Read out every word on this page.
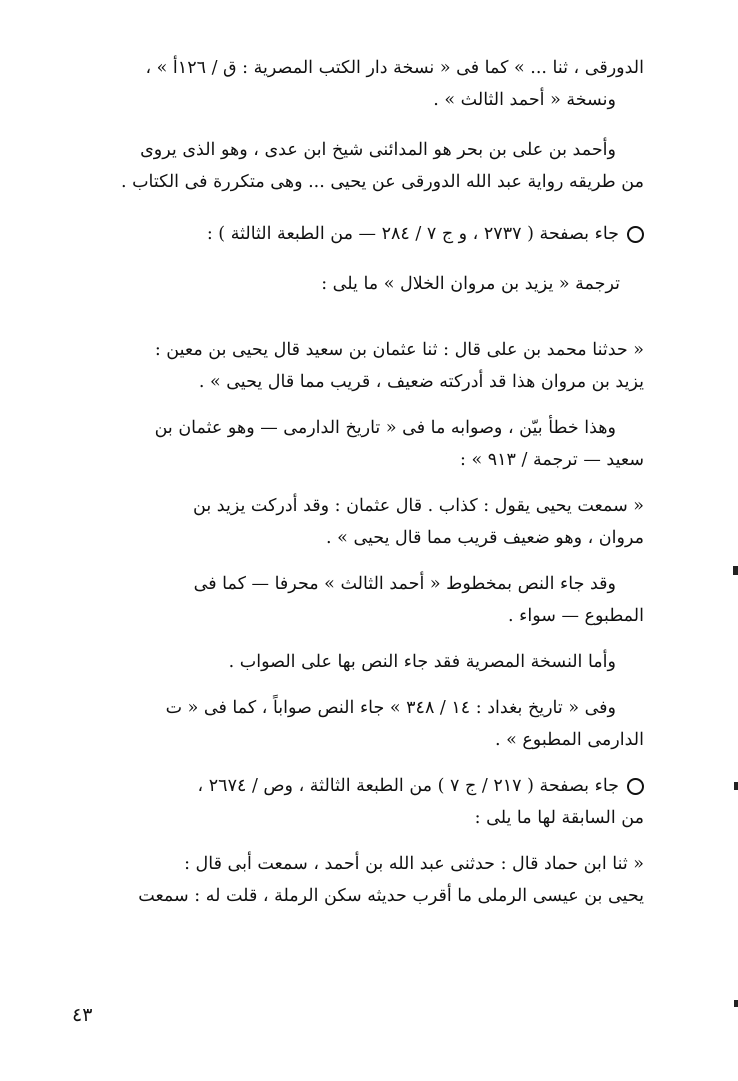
الدورقى ، ثنا ... » كما فى « نسخة دار الكتب المصرية : ق / ١٢٦أ » ،

ونسخة « أحمد الثالث » .

وأحمد بن على بن بحر هو المدائنى شيخ ابن عدى ، وهو الذى يروى

من طريقه رواية عبد الله الدورقى عن يحيى ... وهى متكررة فى الكتاب .

جاء بصفحة ( ٢٧٣٧ ، و ج ٧ / ٢٨٤ — من الطبعة الثالثة ) :

ترجمة « يزيد بن مروان الخلال » ما يلى :

« حدثنا محمد بن على قال : ثنا عثمان بن سعيد قال يحيى بن معين :

يزيد بن مروان هذا قد أدركته ضعيف ، قريب مما قال يحيى » .

وهذا خطأ بيّن ، وصوابه ما فى « تاريخ الدارمى — وهو عثمان بن

سعيد — ترجمة / ٩١٣ » :

« سمعت يحيى يقول : كذاب . قال عثمان : وقد أدركت يزيد بن

مروان ، وهو ضعيف قريب مما قال يحيى » .

وقد جاء النص بمخطوط « أحمد الثالث » محرفا — كما فى

المطبوع — سواء .

وأما النسخة المصرية فقد جاء النص بها على الصواب .

وفى « تاريخ بغداد : ١٤ / ٣٤٨ » جاء النص صواباً ، كما فى « ت

الدارمى المطبوع » .

جاء بصفحة ( ٢١٧ / ج ٧ ) من الطبعة الثالثة ، وص / ٢٦٧٤ ،

من السابقة لها ما يلى :

« ثنا ابن حماد قال : حدثنى عبد الله بن أحمد ، سمعت أبى قال :

يحيى بن عيسى الرملى ما أقرب حديثه سكن الرملة ، قلت له : سمعت

٤٣
